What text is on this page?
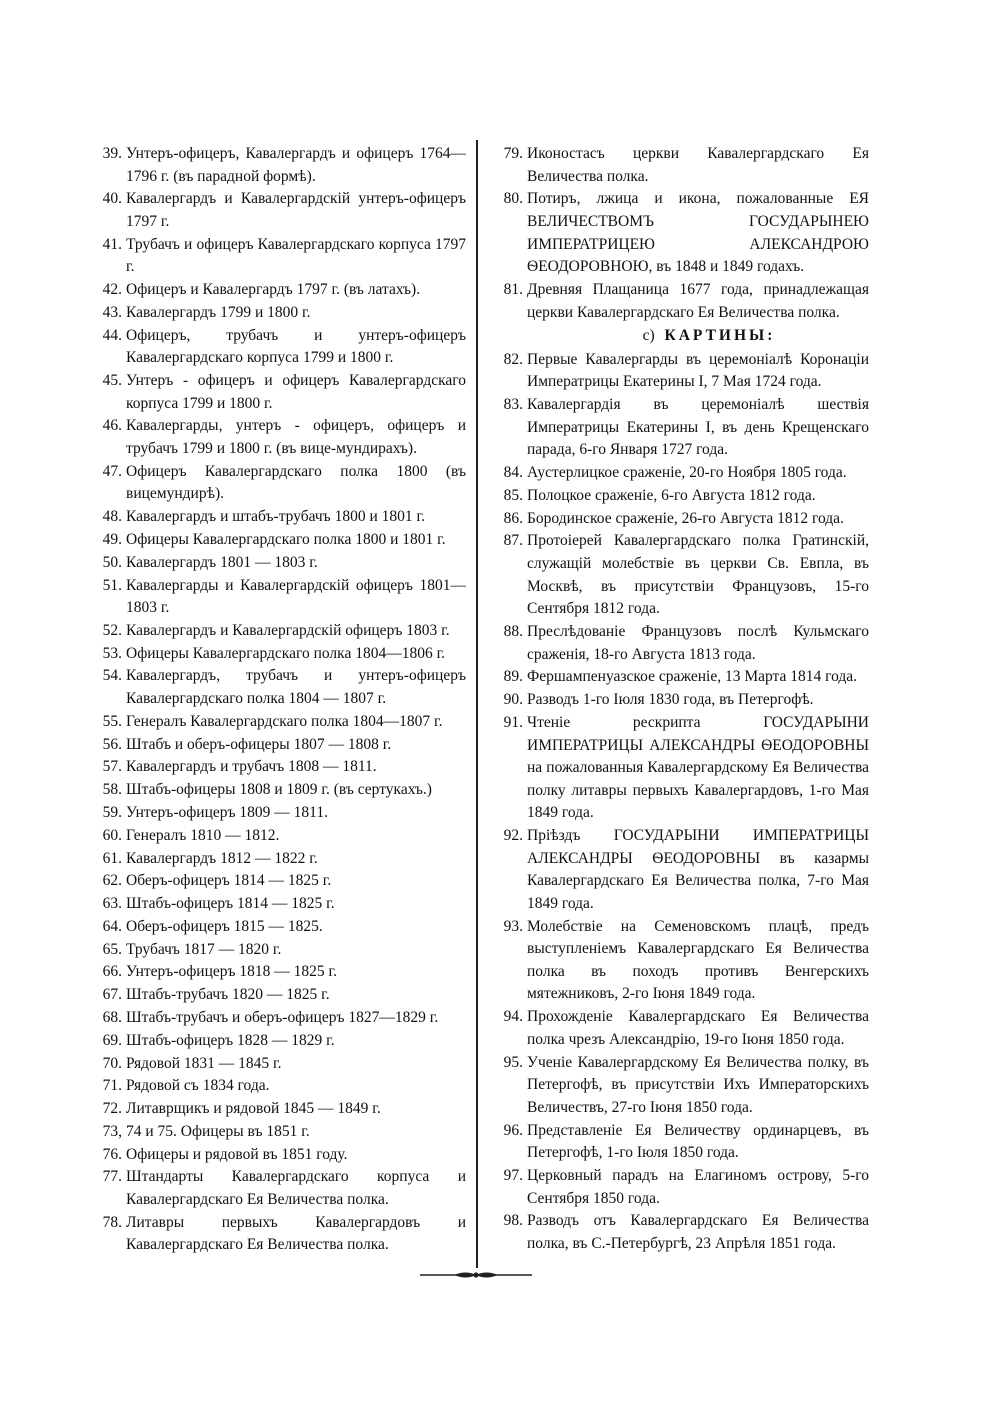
39. Унтеръ-офицеръ, Кавалергардъ и офицеръ 1764—1796 г. (въ парадной формѣ).
40. Кавалергардъ и Кавалергардскій унтеръ-офицеръ 1797 г.
41. Трубачъ и офицеръ Кавалергардскаго корпуса 1797 г.
42. Офицеръ и Кавалергардъ 1797 г. (въ латахъ).
43. Кавалергардъ 1799 и 1800 г.
44. Офицеръ, трубачъ и унтеръ-офицеръ Кавалергардскаго корпуса 1799 и 1800 г.
45. Унтеръ - офицеръ и офицеръ Кавалергардскаго корпуса 1799 и 1800 г.
46. Кавалергарды, унтеръ - офицеръ, офицеръ и трубачъ 1799 и 1800 г. (въ вице-мундирахъ).
47. Офицеръ Кавалергардскаго полка 1800 (въ вицемундирѣ).
48. Кавалергардъ и штабъ-трубачъ 1800 и 1801 г.
49. Офицеры Кавалергардскаго полка 1800 и 1801 г.
50. Кавалергардъ 1801 — 1803 г.
51. Кавалергарды и Кавалергардскій офицеръ 1801—1803 г.
52. Кавалергардъ и Кавалергардскій офицеръ 1803 г.
53. Офицеры Кавалергардскаго полка 1804—1806 г.
54. Кавалергардъ, трубачъ и унтеръ-офицеръ Кавалергардскаго полка 1804 — 1807 г.
55. Генералъ Кавалергардскаго полка 1804—1807 г.
56. Штабъ и оберъ-офицеры 1807 — 1808 г.
57. Кавалергардъ и трубачъ 1808 — 1811.
58. Штабъ-офицеры 1808 и 1809 г. (въ сертукахъ.)
59. Унтеръ-офицеръ 1809 — 1811.
60. Генералъ 1810 — 1812.
61. Кавалергардъ 1812 — 1822 г.
62. Оберъ-офицеръ 1814 — 1825 г.
63. Штабъ-офицеръ 1814 — 1825 г.
64. Оберъ-офицеръ 1815 — 1825.
65. Трубачъ 1817 — 1820 г.
66. Унтеръ-офицеръ 1818 — 1825 г.
67. Штабъ-трубачъ 1820 — 1825 г.
68. Штабъ-трубачъ и оберъ-офицеръ 1827—1829 г.
69. Штабъ-офицеръ 1828 — 1829 г.
70. Рядовой 1831 — 1845 г.
71. Рядовой съ 1834 года.
72. Литаврщикъ и рядовой 1845 — 1849 г.
73, 74 и 75. Офицеры въ 1851 г.
76. Офицеры и рядовой въ 1851 году.
77. Штандарты Кавалергардскаго корпуса и Кавалергардскаго Ея Величества полка.
78. Литавры первыхъ Кавалергардовъ и Кавалергардскаго Ея Величества полка.
79. Иконостасъ церкви Кавалергардскаго Ея Величества полка.
80. Потиръ, лжица и икона, пожалованные ЕЯ ВЕЛИЧЕСТВОМЪ ГОСУДАРЫНЕЮ ИМПЕРАТРИЦЕЮ АЛЕКСАНДРОЮ ѲЕОДОРОВНОЮ, въ 1848 и 1849 годахъ.
81. Древняя Плащаница 1677 года, принадлежащая церкви Кавалергардскаго Ея Величества полка.
c) КАРТИНЫ:
82. Первые Кавалергарды въ церемоніалѣ Коронаціи Императрицы Екатерины I, 7 Мая 1724 года.
83. Кавалергардія въ церемоніалѣ шествія Императрицы Екатерины I, въ день Крещенскаго парада, 6-го Января 1727 года.
84. Аустерлицкое сраженіе, 20-го Ноября 1805 года.
85. Полоцкое сраженіе, 6-го Августа 1812 года.
86. Бородинское сраженіе, 26-го Августа 1812 года.
87. Протоіерей Кавалергардскаго полка Гратинскій, служащій молебствіе въ церкви Св. Евпла, въ Москвѣ, въ присутствіи Французовъ, 15-го Сентября 1812 года.
88. Преслѣдованіе Французовъ послѣ Кульмскаго сраженія, 18-го Августа 1813 года.
89. Фершампенуазское сраженіе, 13 Марта 1814 года.
90. Разводъ 1-го Іюля 1830 года, въ Петергофѣ.
91. Чтеніе рескрипта ГОСУДАРЫНИ ИМПЕРАТРИЦЫ АЛЕКСАНДРЫ ѲЕОДОРОВНЫ на пожалованныя Кавалергардскому Ея Величества полку литавры первыхъ Кавалергардовъ, 1-го Мая 1849 года.
92. Пріѣздъ ГОСУДАРЫНИ ИМПЕРАТРИЦЫ АЛЕКСАНДРЫ ѲЕОДОРОВНЫ въ казармы Кавалергардскаго Ея Величества полка, 7-го Мая 1849 года.
93. Молебствіе на Семеновскомъ плацѣ, предъ выступленіемъ Кавалергардскаго Ея Величества полка въ походъ противъ Венгерскихъ мятежниковъ, 2-го Іюня 1849 года.
94. Прохожденіе Кавалергардскаго Ея Величества полка чрезъ Александрію, 19-го Іюня 1850 года.
95. Ученіе Кавалергардскому Ея Величества полку, въ Петергофѣ, въ присутствіи Ихъ Императорскихъ Величествъ, 27-го Іюня 1850 года.
96. Представленіе Ея Величеству ординарцевъ, въ Петергофѣ, 1-го Іюля 1850 года.
97. Церковный парадъ на Елагиномъ острову, 5-го Сентября 1850 года.
98. Разводъ отъ Кавалергардскаго Ея Величества полка, въ С.-Петербургѣ, 23 Апрѣля 1851 года.
